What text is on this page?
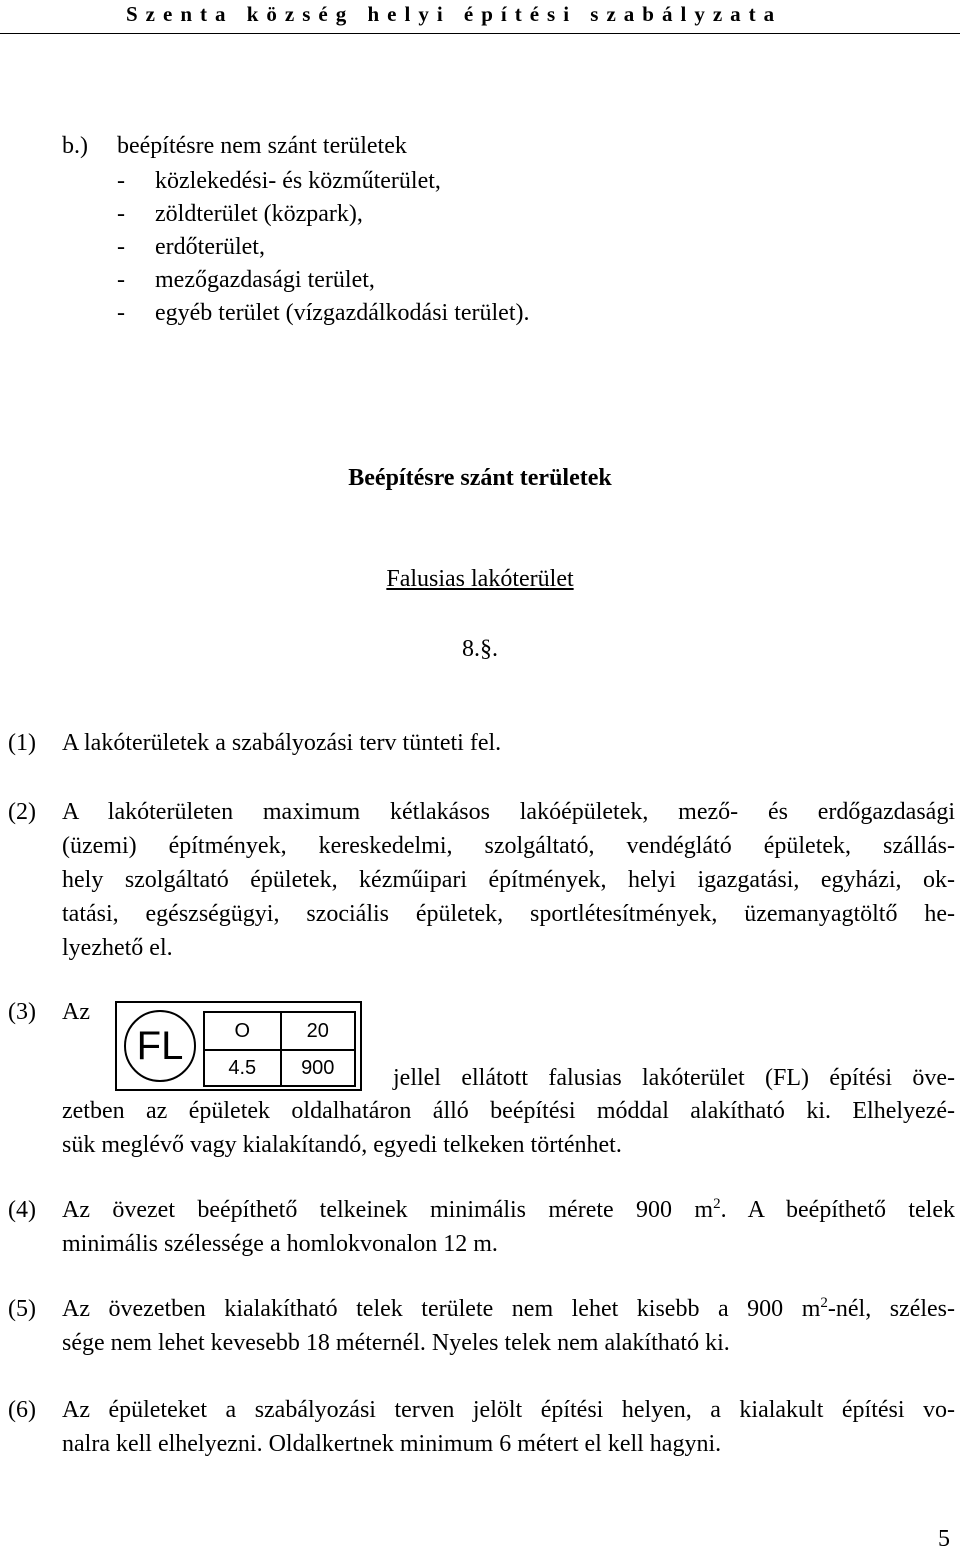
Szenta község helyi építési szabályzata
b.) beépítésre nem szánt területek
- közlekedési- és közműterület,
- zöldterület (közpark),
- erdőterület,
- mezőgazdasági terület,
- egyéb terület (vízgazdálkodási terület).
Beépítésre szánt területek
Falusias lakóterület
8.§.
(1) A lakóterületek a szabályozási terv tünteti fel.
(2) A lakóterületen maximum kétlakásos lakóépületek, mező- és erdőgazdasági
(üzemi) építmények, kereskedelmi, szolgáltató, vendéglátó épületek, szállás-
hely szolgáltató épületek, kézműipari építmények, helyi igazgatási, egyházi, ok-
tatási, egészségügyi, szociális épületek, sportlétesítmények, üzemanyagtöltő he-
lyezhető el.
(3) Az
FL	O	20
4.5	900	jellel ellátott falusias lakóterület (FL) építési öve-
zetben az épületek oldalhatáron álló beépítési móddal alakítható ki. Elhelyezé-
sük meglévő vagy kialakítandó, egyedi telkeken történhet.
(4) Az övezet beépíthető telkeinek minimális mérete 900 $m^2$. A beépíthető telek
minimális szélessége a homlokvonalon 12 m.
(5) Az övezetben kialakítható telek területe nem lehet kisebb a 900 $m^2$-nél, széles-
sége nem lehet kevesebb 18 méternél. Nyeles telek nem alakítható ki.
(6) Az épületeket a szabályozási terven jelölt építési helyen, a kialakult építési vo-
nalra kell elhelyezni. Oldalkertnek minimum 6 métert el kell hagyni.
5
